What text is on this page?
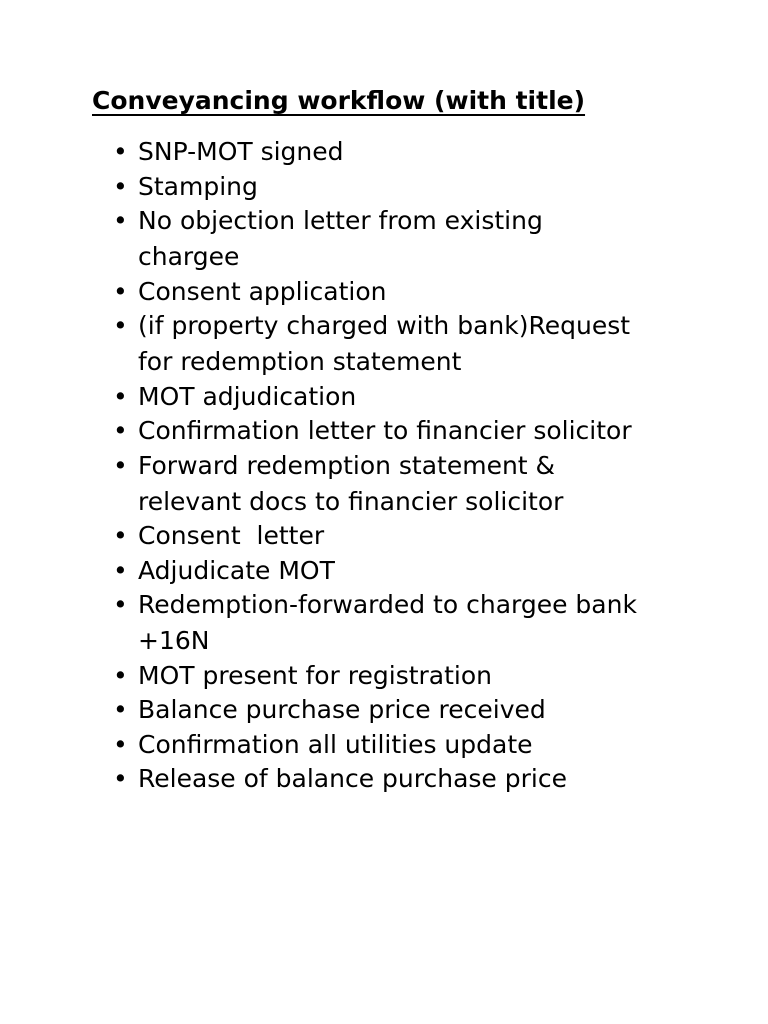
Conveyancing workflow (with title)
• SNP-MOT signed
• Stamping
• No objection letter from existing chargee
• Consent application
• (if property charged with bank)Request for redemption statement
• MOT adjudication
• Confirmation letter to financier solicitor
• Forward redemption statement & relevant docs to financier solicitor
• Consent  letter
• Adjudicate MOT
• Redemption-forwarded to chargee bank +16N
• MOT present for registration
• Balance purchase price received
• Confirmation all utilities update
• Release of balance purchase price
